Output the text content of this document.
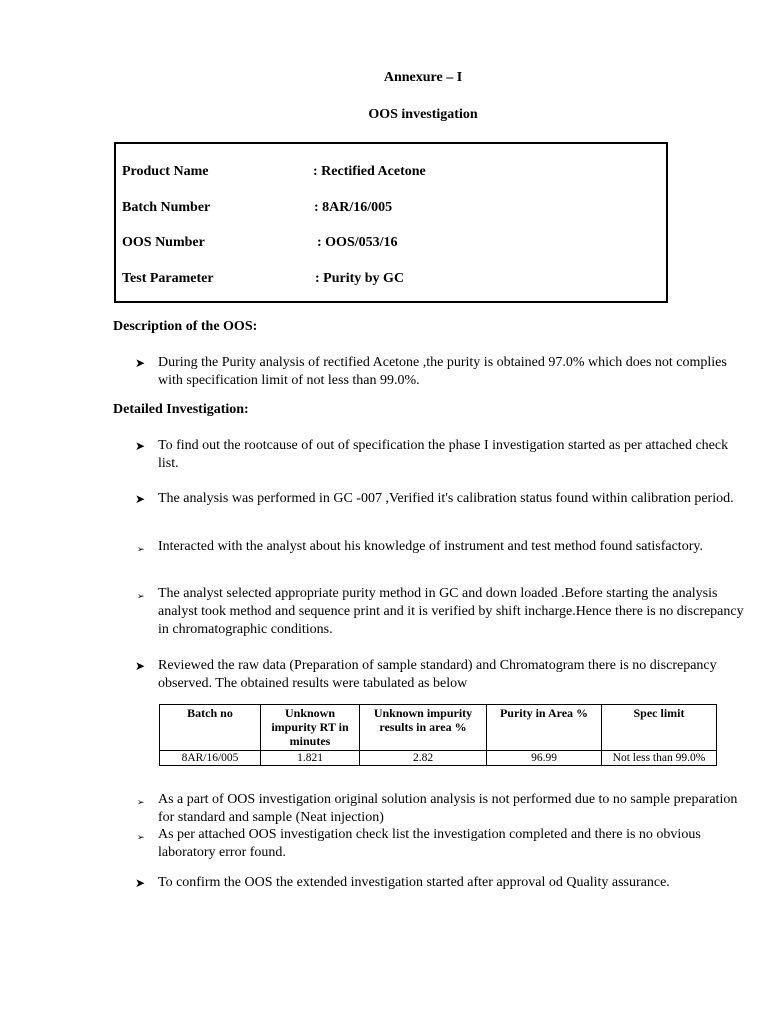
Annexure – I
OOS investigation
Product Name	: Rectified Acetone
Batch Number	: 8AR/16/005
OOS Number	: OOS/053/16
Test Parameter	: Purity by GC
Description of the OOS:
➤ During the Purity analysis of rectified Acetone ,the purity is obtained 97.0% which does not complies with specification limit of not less than 99.0%.
Detailed Investigation:
➤ To find out the rootcause of out of specification the phase I investigation started as per attached check list.
➤ The analysis was performed in GC -007 ,Verified it's calibration status found within calibration period.
➢ Interacted with the analyst about his knowledge of instrument and test method found satisfactory.
➢ The analyst selected appropriate purity method in GC and down loaded .Before starting the analysis analyst took method and sequence print and it is verified by shift incharge.Hence there is no discrepancy in chromatographic conditions.
➤ Reviewed the raw data (Preparation of sample standard) and Chromatogram there is no discrepancy observed. The obtained results were tabulated as below
Batch no	Unknown impurity RT in minutes	Unknown impurity results in area %	Purity in Area %	Spec limit
8AR/16/005	1.821	2.82	96.99	Not less than 99.0%
➢ As a part of OOS investigation original solution analysis is not performed due to no sample preparation for standard and sample (Neat injection)
➢ As per attached OOS investigation check list the investigation completed and there is no obvious laboratory error found.
➤ To confirm the OOS the extended investigation started after approval od Quality assurance.
